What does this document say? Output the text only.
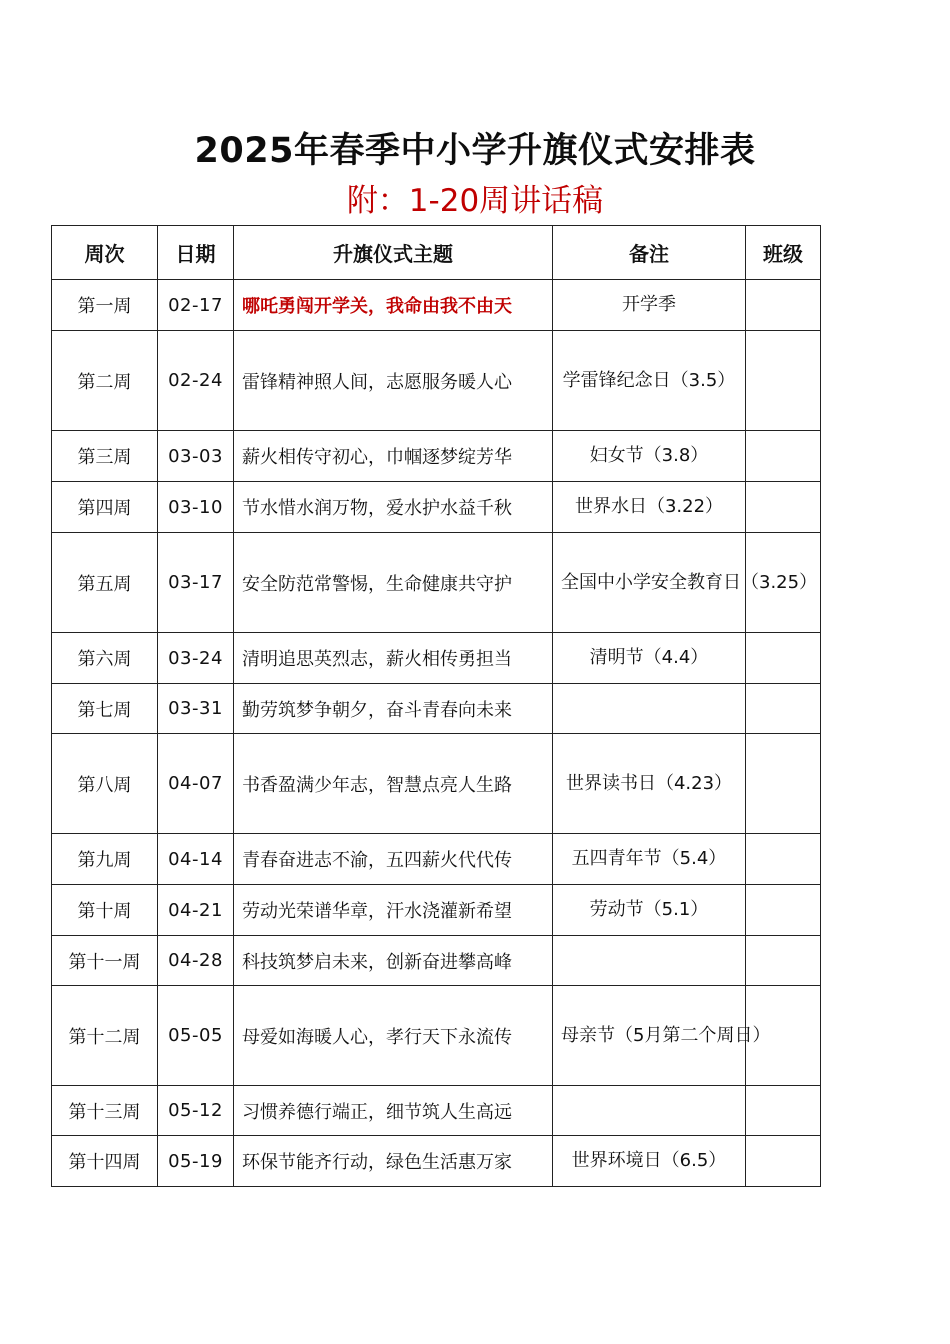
2025年春季中小学升旗仪式安排表
附：1-20周讲话稿
周次	日期	升旗仪式主题	备注	班级
第一周	02-17	哪吒勇闯开学关，我命由我不由天	开学季	
第二周	02-24	雷锋精神照人间，志愿服务暖人心	学雷锋纪念日（3.5）	
第三周	03-03	薪火相传守初心，巾帼逐梦绽芳华	妇女节（3.8）	
第四周	03-10	节水惜水润万物，爱水护水益千秋	世界水日（3.22）	
第五周	03-17	安全防范常警惕，生命健康共守护	全国中小学安全教育日（3.25）	
第六周	03-24	清明追思英烈志，薪火相传勇担当	清明节（4.4）	
第七周	03-31	勤劳筑梦争朝夕，奋斗青春向未来		
第八周	04-07	书香盈满少年志，智慧点亮人生路	世界读书日（4.23）	
第九周	04-14	青春奋进志不渝，五四薪火代代传	五四青年节（5.4）	
第十周	04-21	劳动光荣谱华章，汗水浇灌新希望	劳动节（5.1）	
第十一周	04-28	科技筑梦启未来，创新奋进攀高峰		
第十二周	05-05	母爱如海暖人心，孝行天下永流传	母亲节（5月第二个周日）	
第十三周	05-12	习惯养德行端正，细节筑人生高远		
第十四周	05-19	环保节能齐行动，绿色生活惠万家	世界环境日（6.5）	
